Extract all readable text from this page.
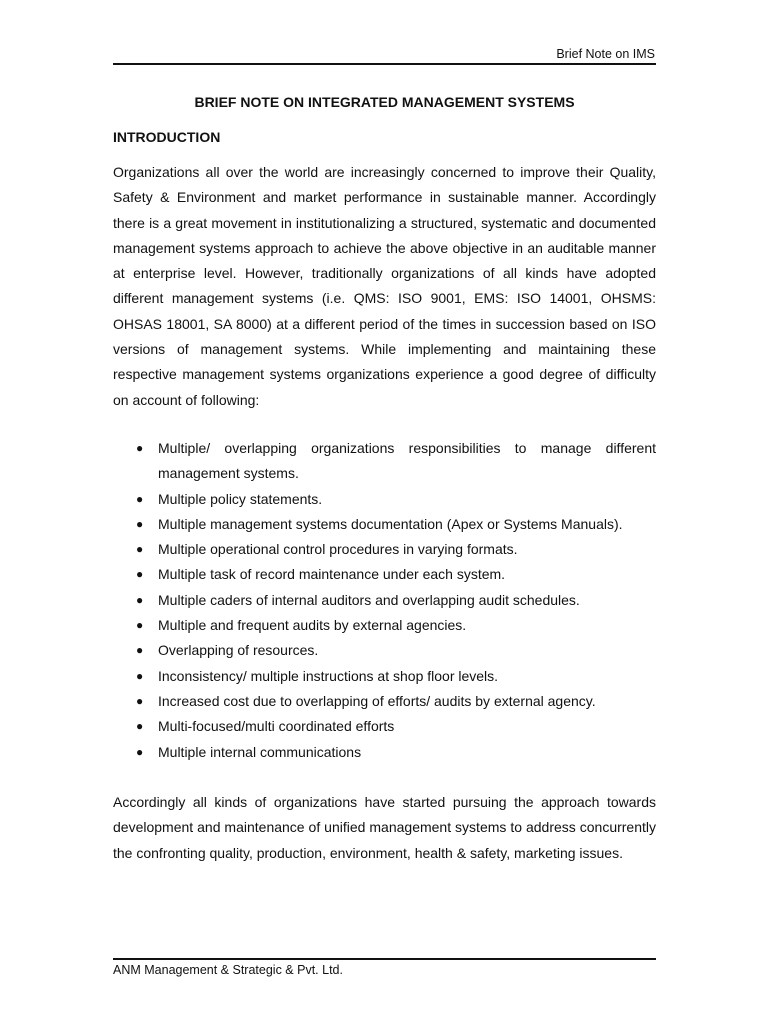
Brief Note on IMS
BRIEF NOTE ON INTEGRATED MANAGEMENT SYSTEMS
INTRODUCTION

Organizations all over the world are increasingly concerned to improve their Quality, Safety & Environment and market performance in sustainable manner. Accordingly there is a great movement in institutionalizing a structured, systematic and documented management systems approach to achieve the above objective in an auditable manner at enterprise level. However, traditionally organizations of all kinds have adopted different management systems (i.e. QMS: ISO 9001, EMS: ISO 14001, OHSMS: OHSAS 18001, SA 8000) at a different period of the times in succession based on ISO versions of management systems. While implementing and maintaining these respective management systems organizations experience a good degree of difficulty on account of following:

● Multiple/ overlapping organizations responsibilities to manage different management systems.
● Multiple policy statements.
● Multiple management systems documentation (Apex or Systems Manuals).
● Multiple operational control procedures in varying formats.
● Multiple task of record maintenance under each system.
● Multiple caders of internal auditors and overlapping audit schedules.
● Multiple and frequent audits by external agencies.
● Overlapping of resources.
● Inconsistency/ multiple instructions at shop floor levels.
● Increased cost due to overlapping of efforts/ audits by external agency.
● Multi-focused/multi coordinated efforts
● Multiple internal communications

Accordingly all kinds of organizations have started pursuing the approach towards development and maintenance of unified management systems to address concurrently the confronting quality, production, environment, health & safety, marketing issues.

ANM Management & Strategic & Pvt. Ltd.
